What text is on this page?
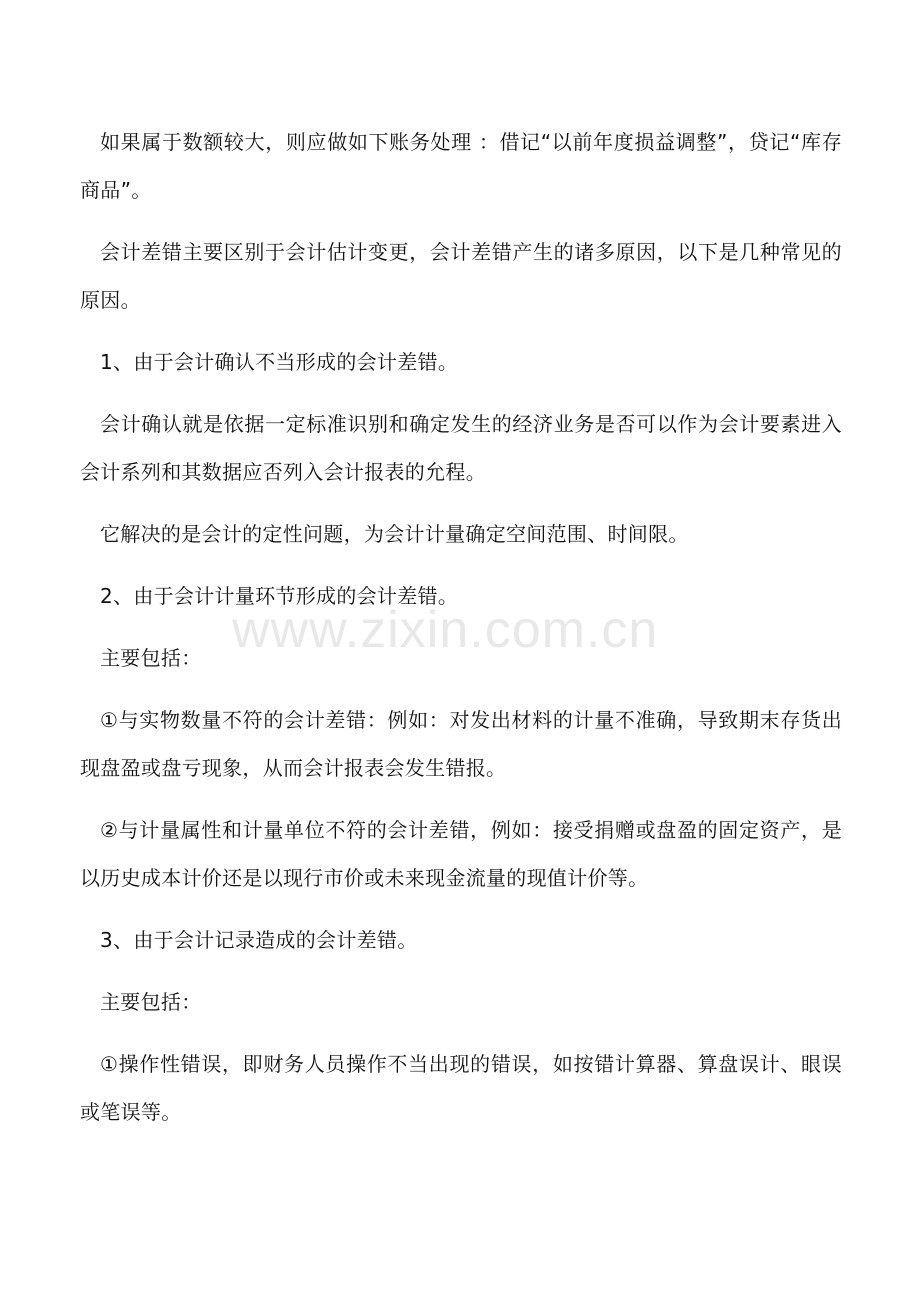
如果属于数额较大，则应做如下账务处理 ：借记“以前年度损益调整”，贷记“库存商品”。

会计差错主要区别于会计估计变更，会计差错产生的诸多原因，以下是几种常见的原因。

1、由于会计确认不当形成的会计差错。

会计确认就是依据一定标准识别和确定发生的经济业务是否可以作为会计要素进入会计系列和其数据应否列入会计报表的允程。

它解决的是会计的定性问题，为会计计量确定空间范围、时间限。

2、由于会计计量环节形成的会计差错。

主要包括：

①与实物数量不符的会计差错：例如：对发出材料的计量不准确，导致期末存货出现盘盈或盘亏现象，从而会计报表会发生错报。

②与计量属性和计量单位不符的会计差错，例如：接受捐赠或盘盈的固定资产，是以历史成本计价还是以现行市价或未来现金流量的现值计价等。

3、由于会计记录造成的会计差错。

主要包括：

①操作性错误，即财务人员操作不当出现的错误，如按错计算器、算盘误计、眼误或笔误等。

www.zixin.com.cn
